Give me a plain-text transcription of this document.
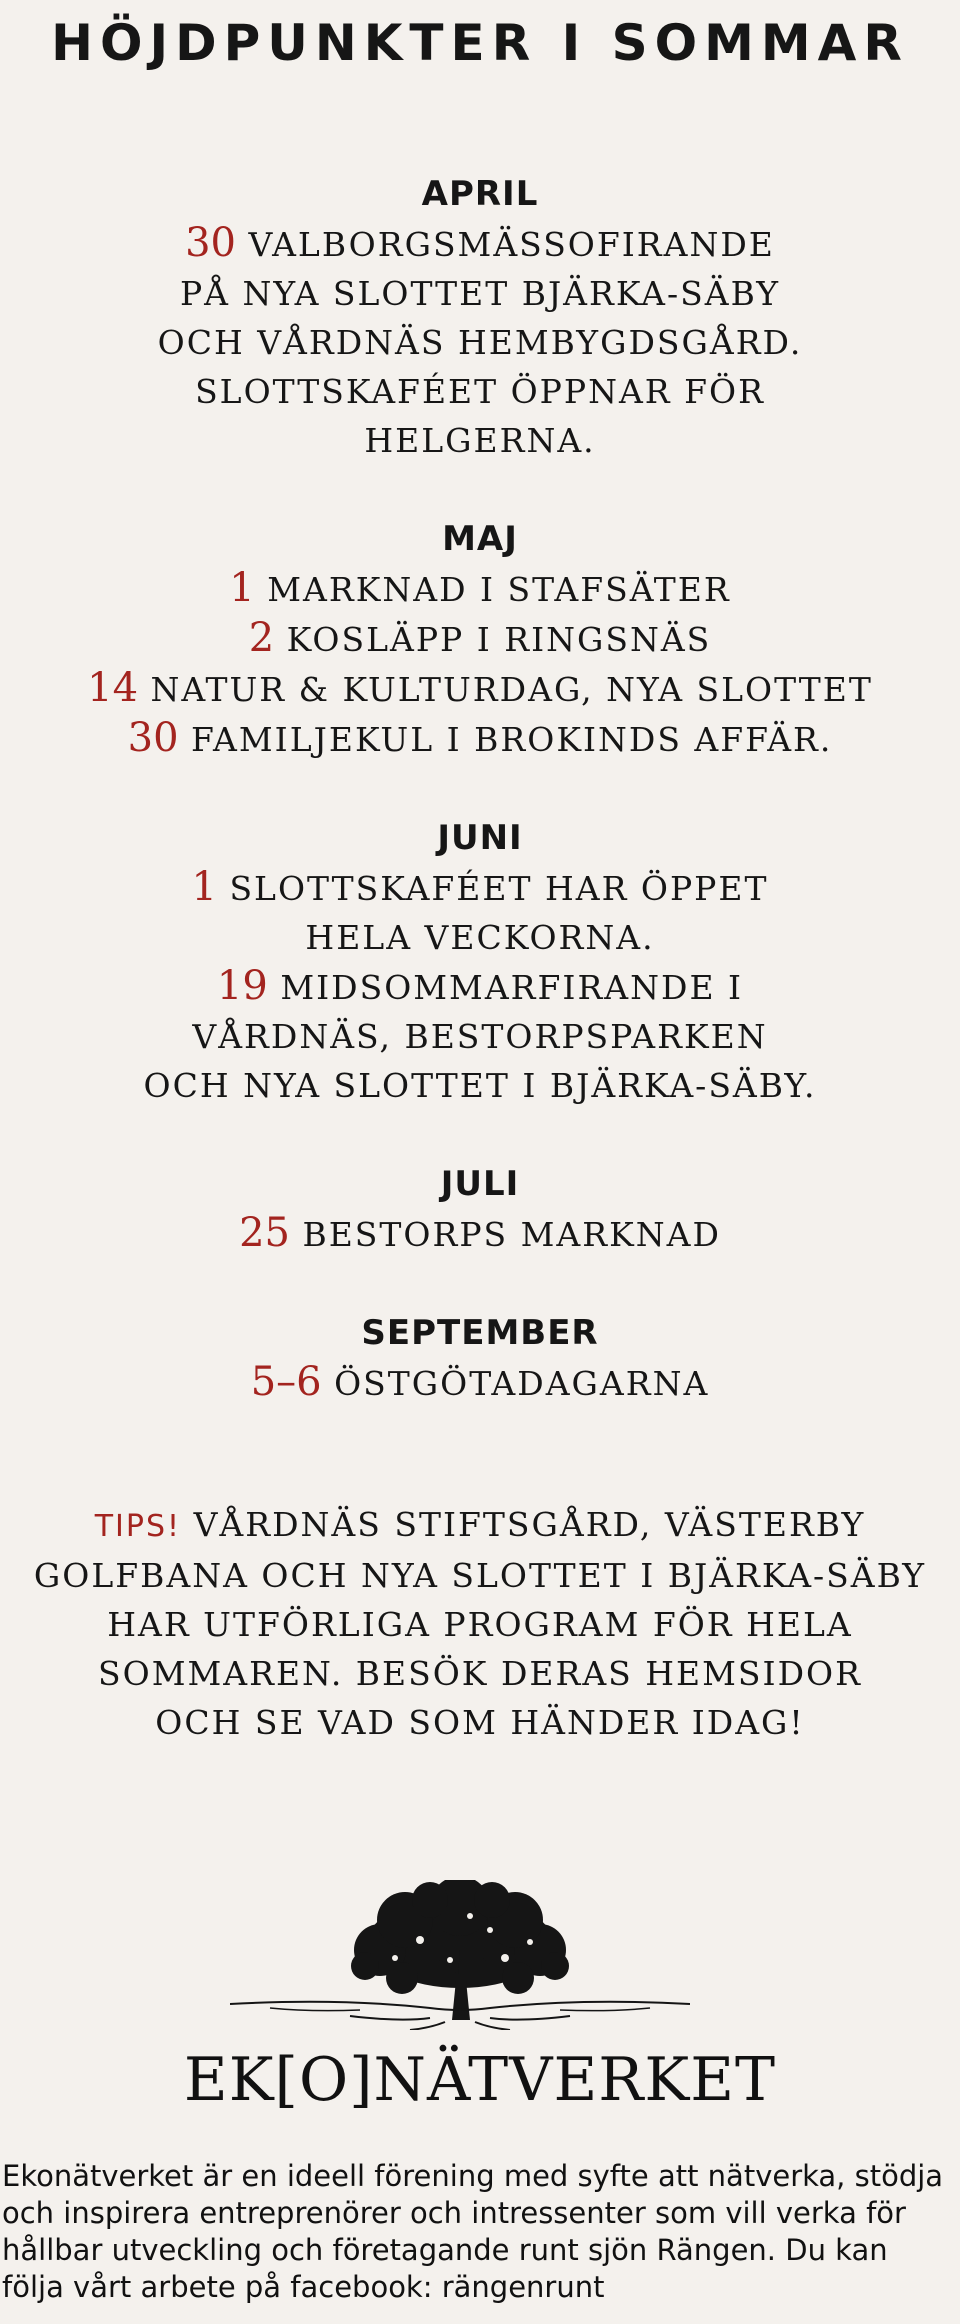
HÖJDPUNKTER I SOMMAR
APRIL
30 VALBORGSMÄSSOFIRANDE
PÅ NYA SLOTTET BJÄRKA-SÄBY
OCH VÅRDNÄS HEMBYGDSGÅRD.
SLOTTSKAFÉET ÖPPNAR FÖR
HELGERNA.
MAJ
1 MARKNAD I STAFSÄTER
2 KOSLÄPP I RINGSNÄS
14 NATUR & KULTURDAG, NYA SLOTTET
30 FAMILJEKUL I BROKINDS AFFÄR.
JUNI
1 SLOTTSKAFÉET HAR ÖPPET
HELA VECKORNA.
19 MIDSOMMARFIRANDE I
VÅRDNÄS, BESTORPSPARKEN
OCH NYA SLOTTET I BJÄRKA-SÄBY.
JULI
25 BESTORPS MARKNAD
SEPTEMBER
5–6 ÖSTGÖTADAGARNA
TIPS! VÅRDNÄS STIFTSGÅRD, VÄSTERBY
GOLFBANA OCH NYA SLOTTET I BJÄRKA-SÄBY
HAR UTFÖRLIGA PROGRAM FÖR HELA
SOMMAREN. BESÖK DERAS HEMSIDOR
OCH SE VAD SOM HÄNDER IDAG!
EK[O]NÄTVERKET

Ekonätverket är en ideell förening med syfte att nätverka, stödja och inspirera entreprenörer och intressenter som vill verka för hållbar utveckling och företagande runt sjön Rängen. Du kan följa vårt arbete på facebook: rängenrunt
